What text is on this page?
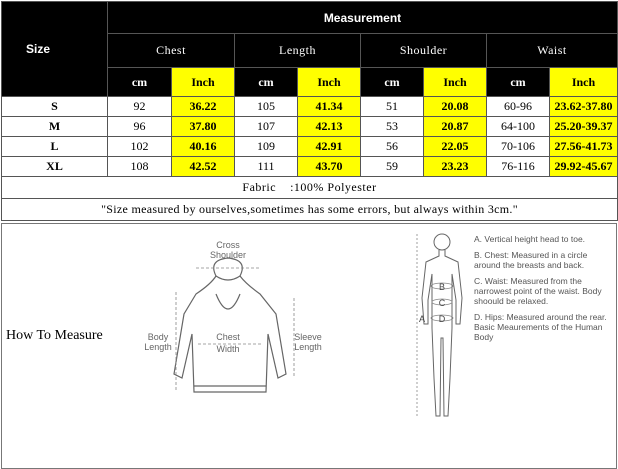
Size	Measurement							
	Chest		Length		Shoulder		Waist	
	cm	Inch	cm	Inch	cm	Inch	cm	Inch
S	92	36.22	105	41.34	51	20.08	60-96	23.62-37.80
M	96	37.80	107	42.13	53	20.87	64-100	25.20-39.37
L	102	40.16	109	42.91	56	22.05	70-106	27.56-41.73
XL	108	42.52	111	43.70	59	23.23	76-116	29.92-45.67
Fabric    :100% Polyester								
"Size measured by ourselves,sometimes has some errors, but always within 3cm."								
How To Measure
Cross
Shoulder
Body
Length
Chest
Width
Sleeve
Length
B
C
A D

A. Vertical height head to toe.

B. Chest: Measured in a circle around the breasts and back.

C. Waist: Measured from the narrowest point of the waist. Body shoould be relaxed.

D. Hips: Measured around the rear. Basic Meaurements of the Human Body
